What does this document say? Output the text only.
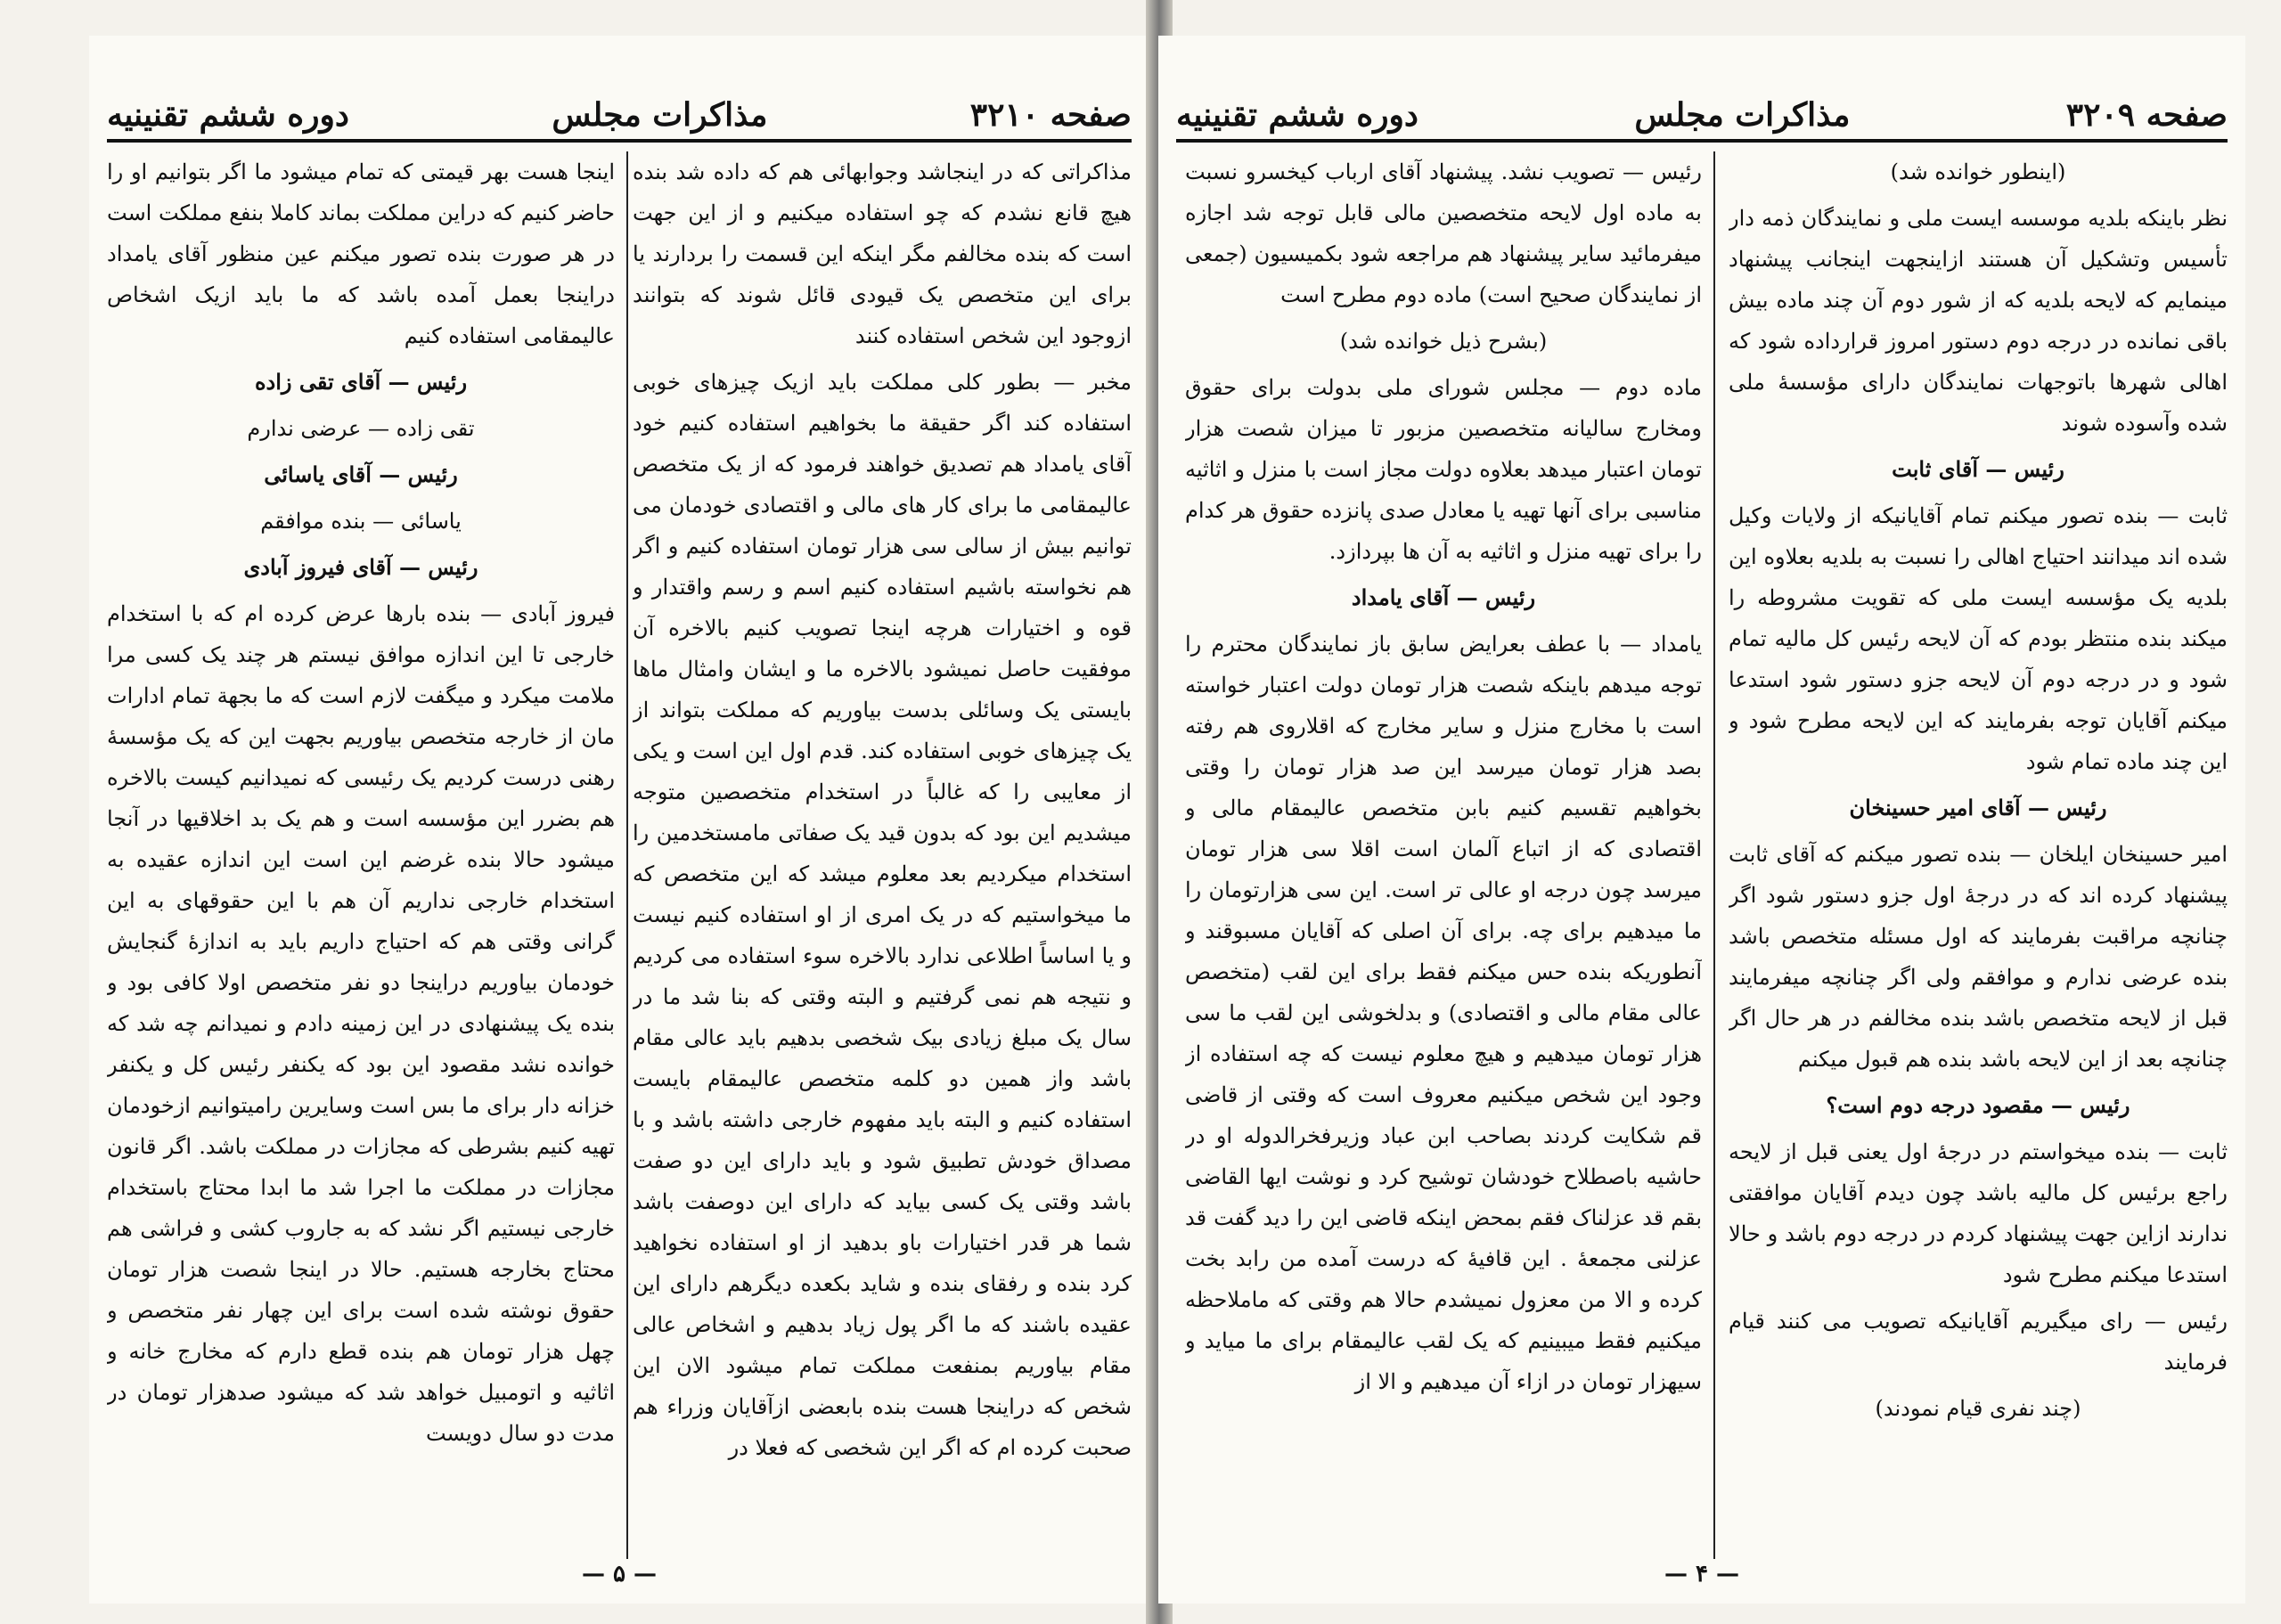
صفحه ۳۲۱۰
مذاکرات مجلس
دوره ششم تقنینیه

مذاکراتی که در اینجاشد وجوابهائی هم که داده شد بنده هیچ قانع نشدم که چو استفاده میکنیم و از این جهت است که بنده مخالفم مگر اینکه این قسمت را بردارند یا برای این متخصص یک قیودی قائل شوند که بتوانند ازوجود این شخص استفاده کنند

مخبر — بطور کلی مملکت باید ازیک چیزهای خوبی استفاده کند اگر حقیقة ما بخواهیم استفاده کنیم خود آقای یامداد هم تصدیق خواهند فرمود که از یک متخصص عالیمقامی ما برای کار های مالی و اقتصادی خودمان می توانیم بیش از سالی سی هزار تومان استفاده کنیم و اگر هم نخواسته باشیم استفاده کنیم اسم و رسم واقتدار و قوه و اختیارات هرچه اینجا تصویب کنیم بالاخره آن موفقیت حاصل نمیشود بالاخره ما و ایشان وامثال ماها بایستی یک وسائلی بدست بیاوریم که مملکت بتواند از یک چیزهای خوبی استفاده کند. قدم اول این است و یکی از معایبی را که غالباً در استخدام متخصصین متوجه میشدیم این بود که بدون قید یک صفاتی مامستخدمین را استخدام میکردیم بعد معلوم میشد که این متخصص که ما میخواستیم که در یک امری از او استفاده کنیم نیست و یا اساساً اطلاعی ندارد بالاخره سوء استفاده می کردیم و نتیجه هم نمی گرفتیم و البته وقتی که بنا شد ما در سال یک مبلغ زیادی بیک شخصی بدهیم باید عالی مقام باشد واز همین دو کلمه متخصص عالیمقام بایست استفاده کنیم و البته باید مفهوم خارجی داشته باشد و با مصداق خودش تطبیق شود و باید دارای این دو صفت باشد وقتی یک کسی بیاید که دارای این دوصفت باشد شما هر قدر اختیارات باو بدهید از او استفاده نخواهید کرد بنده و رفقای بنده و شاید بکعده دیگرهم دارای این عقیده باشند که ما اگر پول زیاد بدهیم و اشخاص عالی مقام بیاوریم بمنفعت مملکت تمام میشود الان این شخص که دراینجا هست بنده بابعضی ازآقایان وزراء هم صحبت کرده ام که اگر این شخصی که فعلا در

اینجا هست بهر قیمتی که تمام میشود ما اگر بتوانیم او را حاضر کنیم که دراین مملکت بماند کاملا بنفع مملکت است در هر صورت بنده تصور میکنم عین منظور آقای یامداد دراینجا بعمل آمده باشد که ما باید ازیک اشخاص عالیمقامی استفاده کنیم

رئیس — آقای تقی زاده

تقی زاده — عرضی ندارم

رئیس — آقای یاسائی

یاسائی — بنده موافقم

رئیس — آقای فیروز آبادی

فیروز آبادی — بنده بارها عرض کرده ام که با استخدام خارجی تا این اندازه موافق نیستم هر چند یک کسی مرا ملامت میکرد و میگفت لازم است که ما بجهة تمام ادارات مان از خارجه متخصص بیاوریم بجهت این که یک مؤسسهٔ رهنی درست کردیم یک رئیسی که نمیدانیم کیست بالاخره هم بضرر این مؤسسه است و هم یک بد اخلاقیها در آنجا میشود حالا بنده غرضم این است این اندازه عقیده به استخدام خارجی نداریم آن هم با این حقوقهای به این گرانی وقتی هم که احتیاج داریم باید به اندازهٔ گنجایش خودمان بیاوریم دراینجا دو نفر متخصص اولا کافی بود و بنده یک پیشنهادی در این زمینه دادم و نمیدانم چه شد که خوانده نشد مقصود این بود که یکنفر رئیس کل و یکنفر خزانه دار برای ما بس است وسایرین رامیتوانیم ازخودمان تهیه کنیم بشرطی که مجازات در مملکت باشد. اگر قانون مجازات در مملکت ما اجرا شد ما ابدا محتاج باستخدام خارجی نیستیم اگر نشد که به جاروب کشی و فراشی هم محتاج بخارجه هستیم. حالا در اینجا شصت هزار تومان حقوق نوشته شده است برای این چهار نفر متخصص و چهل هزار تومان هم بنده قطع دارم که مخارج خانه و اثاثیه و اتومبیل خواهد شد که میشود صدهزار تومان در مدت دو سال دویست

— ۵ —
صفحه ۳۲۰۹
مذاکرات مجلس
دوره ششم تقنینیه

(اینطور خوانده شد)

نظر باینکه بلدیه موسسه ایست ملی و نمایندگان ذمه دار تأسیس وتشکیل آن هستند ازاینجهت اینجانب پیشنهاد مینمایم که لایحه بلدیه که از شور دوم آن چند ماده بیش باقی نمانده در درجه دوم دستور امروز قرارداده شود که اهالی شهرها باتوجهات نمایندگان دارای مؤسسهٔ ملی شده وآسوده شوند

رئیس — آقای ثابت

ثابت — بنده تصور میکنم تمام آقایانیکه از ولایات وکیل شده اند میدانند احتیاج اهالی را نسبت به بلدیه بعلاوه این بلدیه یک مؤسسه ایست ملی که تقویت مشروطه را میکند بنده منتظر بودم که آن لایحه رئیس کل مالیه تمام شود و در درجه دوم آن لایحه جزو دستور شود استدعا میکنم آقایان توجه بفرمایند که این لایحه مطرح شود و این چند ماده تمام شود

رئیس — آقای امیر حسینخان

امیر حسینخان ایلخان — بنده تصور میکنم که آقای ثابت پیشنهاد کرده اند که در درجهٔ اول جزو دستور شود اگر چنانچه مراقبت بفرمایند که اول مسئله متخصص باشد بنده عرضی ندارم و موافقم ولی اگر چنانچه میفرمایند قبل از لایحه متخصص باشد بنده مخالفم در هر حال اگر چنانچه بعد از این لایحه باشد بنده هم قبول میکنم

رئیس — مقصود درجه دوم است؟

ثابت — بنده میخواستم در درجهٔ اول یعنی قبل از لایحه راجع برئیس کل مالیه باشد چون دیدم آقایان موافقتی ندارند ازاین جهت پیشنهاد کردم در درجه دوم باشد و حالا استدعا میکنم مطرح شود

رئیس — رای میگیریم آقایانیکه تصویب می کنند قیام فرمایند

(چند نفری قیام نمودند)

رئیس — تصویب نشد. پیشنهاد آقای ارباب کیخسرو نسبت به ماده اول لایحه متخصصین مالی قابل توجه شد اجازه میفرمائید سایر پیشنهاد هم مراجعه شود بکمیسیون (جمعی از نمایندگان صحیح است) ماده دوم مطرح است

(بشرح ذیل خوانده شد)

ماده دوم — مجلس شورای ملی بدولت برای حقوق ومخارج سالیانه متخصصین مزبور تا میزان شصت هزار تومان اعتبار میدهد بعلاوه دولت مجاز است با منزل و اثاثیه مناسبی برای آنها تهیه یا معادل صدی پانزده حقوق هر کدام را برای تهیه منزل و اثاثیه به آن ها بپردازد.

رئیس — آقای یامداد

یامداد — با عطف بعرایض سابق باز نمایندگان محترم را توجه میدهم باینکه شصت هزار تومان دولت اعتبار خواسته است با مخارج منزل و سایر مخارج که اقلاروی هم رفته بصد هزار تومان میرسد این صد هزار تومان را وقتی بخواهیم تقسیم کنیم بابن متخصص عالیمقام مالی و اقتصادی که از اتباع آلمان است اقلا سی هزار تومان میرسد چون درجه او عالی تر است. این سی هزارتومان را ما میدهیم برای چه. برای آن اصلی که آقایان مسبوقند و آنطوریکه بنده حس میکنم فقط برای این لقب (متخصص عالی مقام مالی و اقتصادی) و بدلخوشی این لقب ما سی هزار تومان میدهیم و هیچ معلوم نیست که چه استفاده از وجود این شخص میکنیم معروف است که وقتی از قاضی قم شکایت کردند بصاحب ابن عباد وزیرفخرالدوله او در حاشیه باصطلاح خودشان توشیح کرد و نوشت ایها القاضی بقم قد عزلناک فقم بمحض اینکه قاضی این را دید گفت قد عزلنی مجمعهٔ . این قافیهٔ که درست آمده من رابد بخت کرده و الا من معزول نمیشدم حالا هم وقتی که ماملاحظه میکنیم فقط میبینیم که یک لقب عالیمقام برای ما میاید و سیهزار تومان در ازاء آن میدهیم و الا از

— ۴ —
